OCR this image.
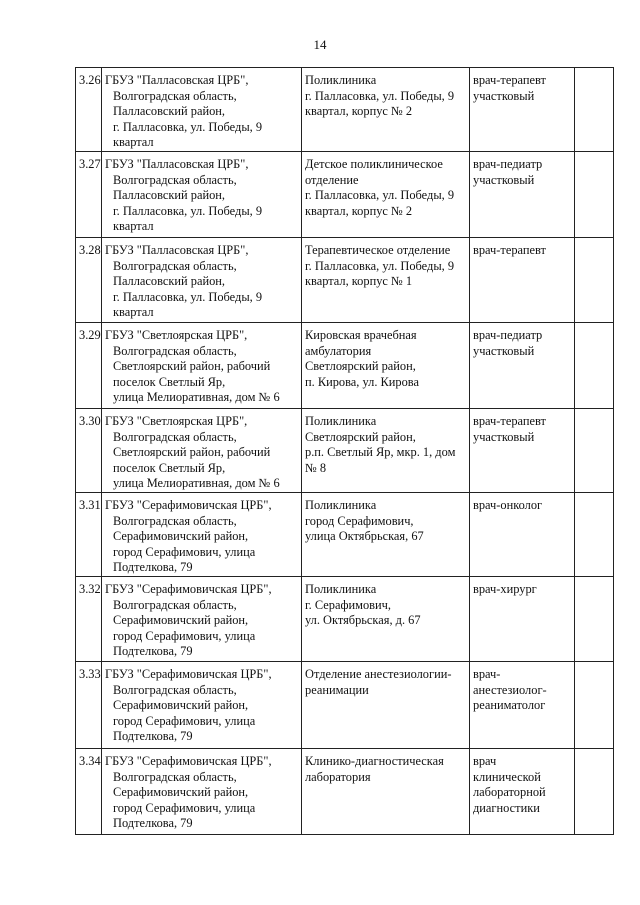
14
3.26	ГБУЗ "Палласовская ЦРБ",
Волгоградская область,
Палласовский район,
г. Палласовка, ул. Победы, 9
квартал	Поликлиника
г. Палласовка, ул. Победы, 9
квартал, корпус № 2	врач-терапевт
участковый	

3.27	ГБУЗ "Палласовская ЦРБ",
Волгоградская область,
Палласовский район,
г. Палласовка, ул. Победы, 9
квартал	Детское поликлиническое
отделение
г. Палласовка, ул. Победы, 9
квартал, корпус № 2	врач-педиатр
участковый	

3.28	ГБУЗ "Палласовская ЦРБ",
Волгоградская область,
Палласовский район,
г. Палласовка, ул. Победы, 9
квартал	Терапевтическое отделение
г. Палласовка, ул. Победы, 9
квартал, корпус № 1	врач-терапевт	

3.29	ГБУЗ "Светлоярская ЦРБ",
Волгоградская область,
Светлоярский район, рабочий
поселок Светлый Яр,
улица Мелиоративная, дом № 6	Кировская врачебная
амбулатория
Светлоярский район,
п. Кирова, ул. Кирова	врач-педиатр
участковый	

3.30	ГБУЗ "Светлоярская ЦРБ",
Волгоградская область,
Светлоярский район, рабочий
поселок Светлый Яр,
улица Мелиоративная, дом № 6	Поликлиника
Светлоярский район,
р.п. Светлый Яр, мкр. 1, дом
№ 8	врач-терапевт
участковый	

3.31	ГБУЗ "Серафимовичская ЦРБ",
Волгоградская область,
Серафимовичский район,
город Серафимович, улица
Подтелкова, 79	Поликлиника
город Серафимович,
улица Октябрьская, 67	врач-онколог	

3.32	ГБУЗ "Серафимовичская ЦРБ",
Волгоградская область,
Серафимовичский район,
город Серафимович, улица
Подтелкова, 79	Поликлиника
г. Серафимович,
ул. Октябрьская, д. 67	врач-хирург	

3.33	ГБУЗ "Серафимовичская ЦРБ",
Волгоградская область,
Серафимовичский район,
город Серафимович, улица
Подтелкова, 79	Отделение анестезиологии-
реанимации	врач-
анестезиолог-
реаниматолог	

3.34	ГБУЗ "Серафимовичская ЦРБ",
Волгоградская область,
Серафимовичский район,
город Серафимович, улица
Подтелкова, 79	Клинико-диагностическая
лаборатория	врач
клинической
лабораторной
диагностики	
